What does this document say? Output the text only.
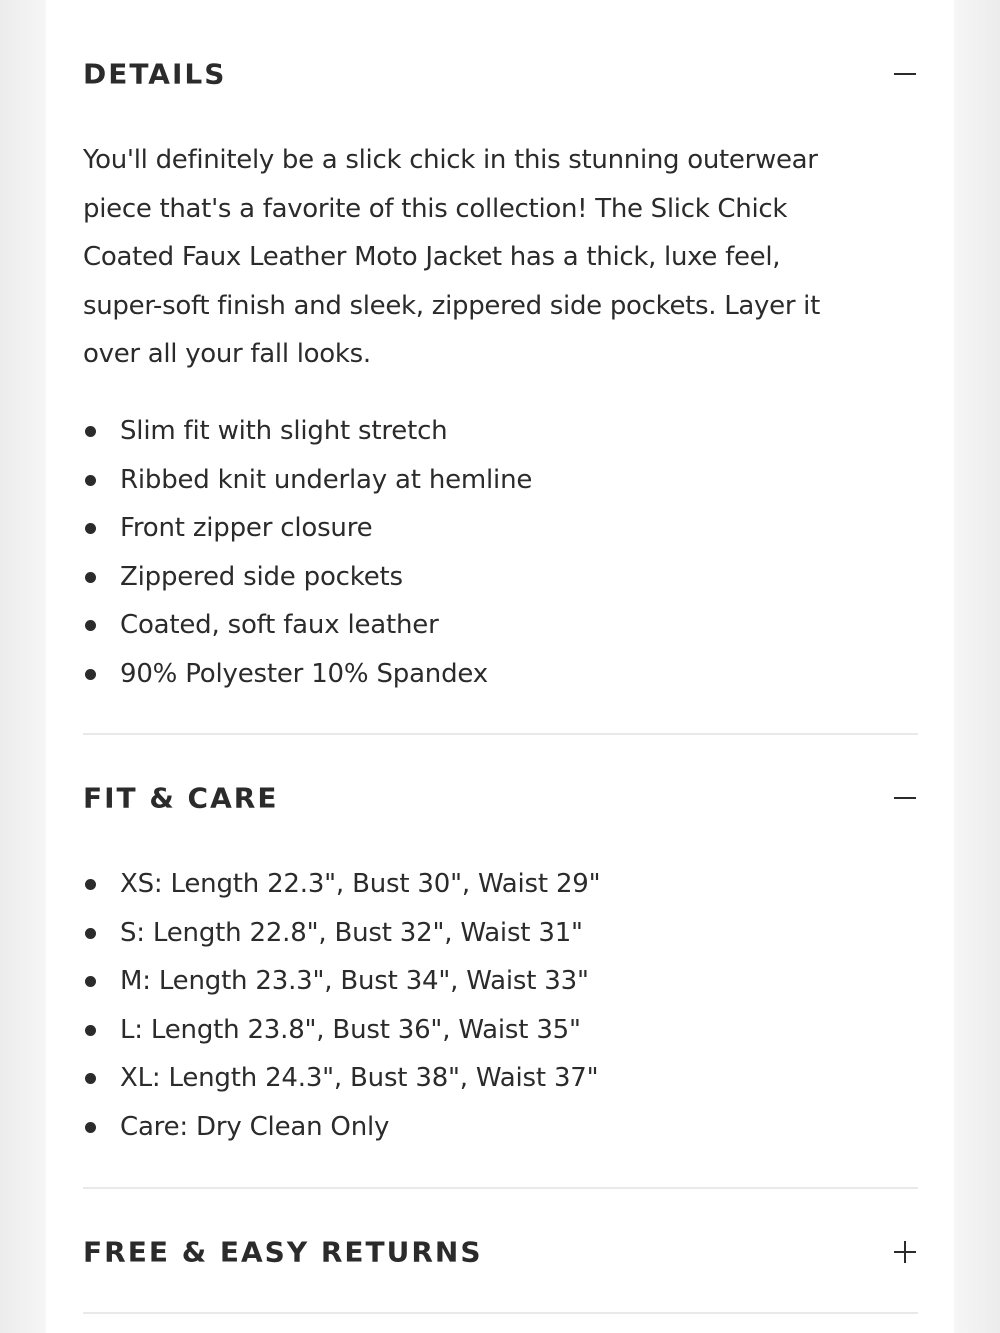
DETAILS

You'll definitely be a slick chick in this stunning outerwear
piece that's a favorite of this collection! The Slick Chick
Coated Faux Leather Moto Jacket has a thick, luxe feel,
super-soft finish and sleek, zippered side pockets. Layer it
over all your fall looks.

Slim fit with slight stretch
Ribbed knit underlay at hemline
Front zipper closure
Zippered side pockets
Coated, soft faux leather
90% Polyester 10% Spandex
FIT & CARE
XS: Length 22.3", Bust 30", Waist 29"
S: Length 22.8", Bust 32", Waist 31"
M: Length 23.3", Bust 34", Waist 33"
L: Length 23.8", Bust 36", Waist 35"
XL: Length 24.3", Bust 38", Waist 37"
Care: Dry Clean Only
FREE & EASY RETURNS
